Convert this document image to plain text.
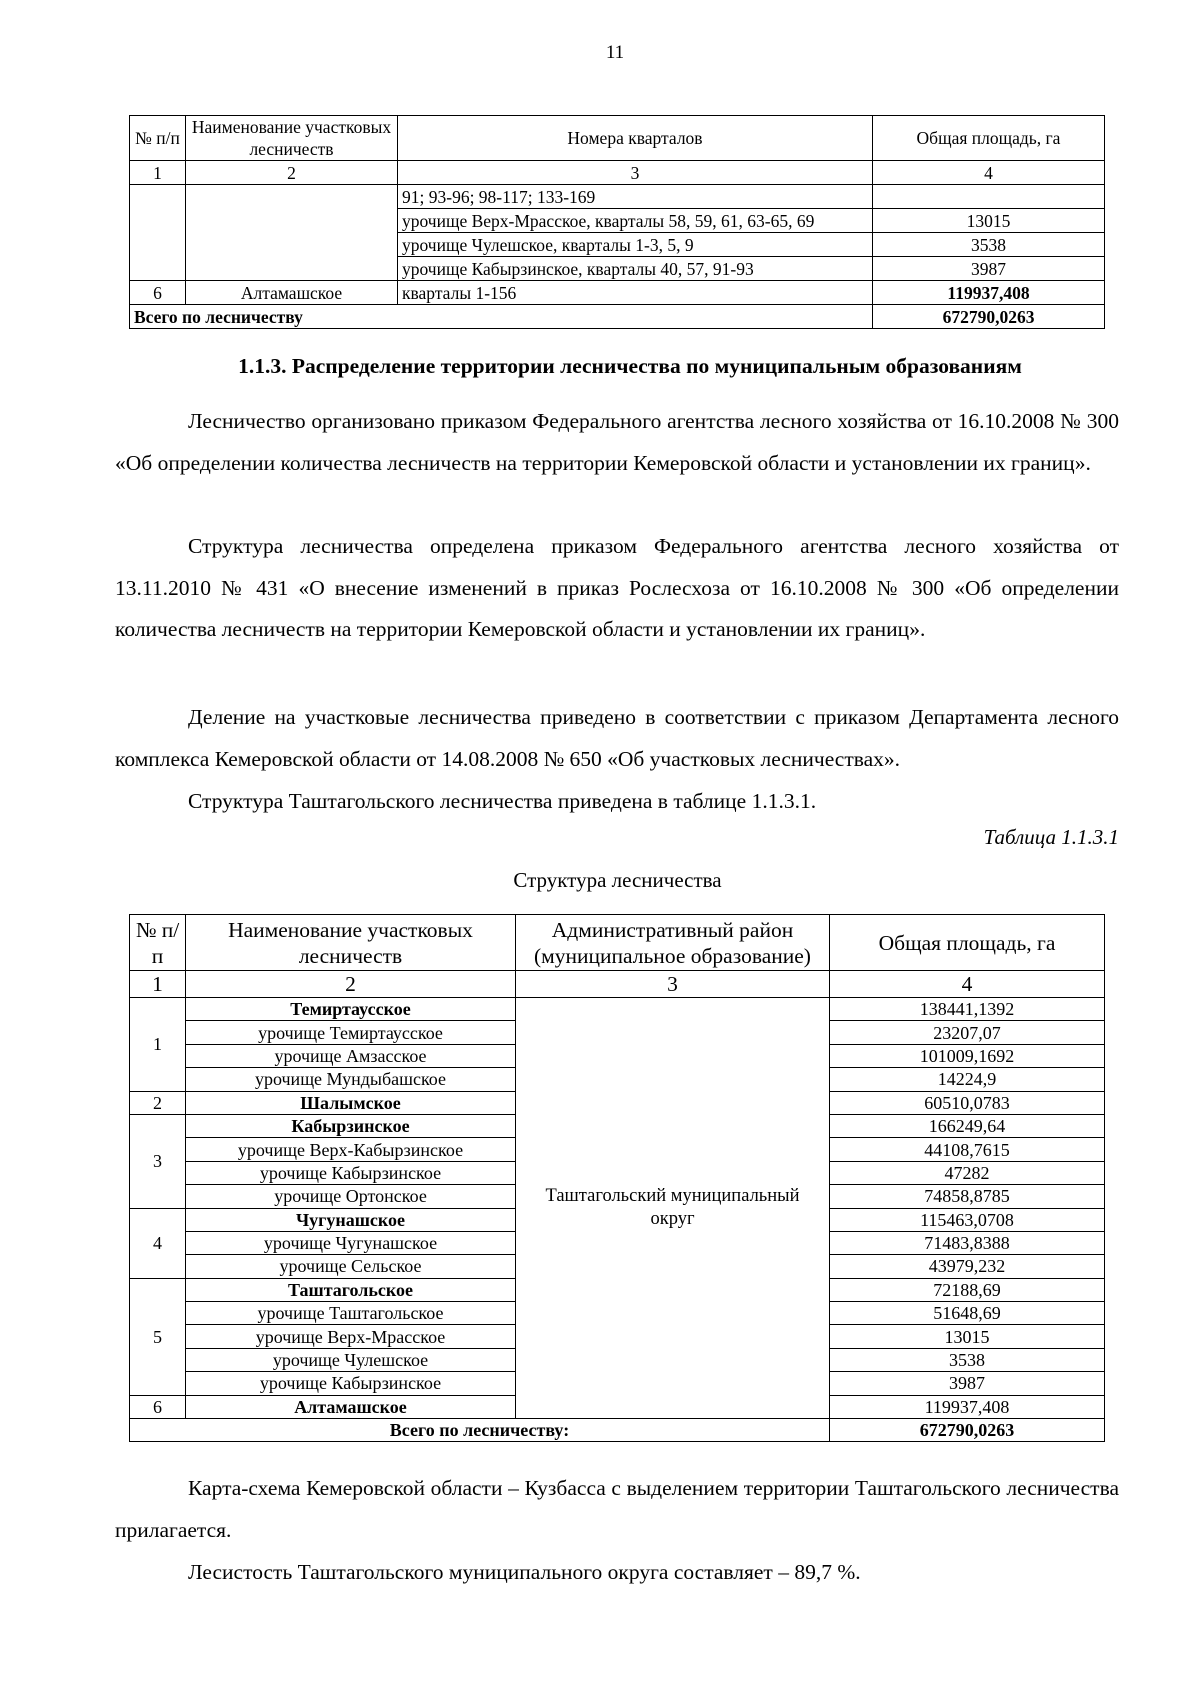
11
№ п/п	Наименование участковых лесничеств	Номера кварталов	Общая площадь, га
1	2	3	4
		91; 93-96; 98-117; 133-169	
		урочище Верх-Мрасское, кварталы 58, 59, 61, 63-65, 69	13015
		урочище Чулешское, кварталы 1-3, 5, 9	3538
		урочище Кабырзинское, кварталы 40, 57, 91-93	3987
6	Алтамашское	кварталы 1-156	119937,408
Всего по лесничеству			672790,0263
1.1.3. Распределение территории лесничества по муниципальным образованиям
Лесничество организовано приказом Федерального агентства лесного хозяйства от 16.10.2008 № 300 «Об определении количества лесничеств на территории Кемеровской области и установлении их границ».
Структура лесничества определена приказом Федерального агентства лесного хозяйства от 13.11.2010 № 431 «О внесение изменений в приказ Рослесхоза от 16.10.2008 № 300 «Об определении количества лесничеств на территории Кемеровской области и установлении их границ».
Деление на участковые лесничества приведено в соответствии с приказом Департамента лесного комплекса Кемеровской области от 14.08.2008 № 650 «Об участковых лесничествах».
Структура Таштагольского лесничества приведена в таблице 1.1.3.1.
Таблица 1.1.3.1
Структура лесничества
№ п/п	Наименование участковых лесничеств	Административный район (муниципальное образование)	Общая площадь, га
1	2	3	4
1	Темиртаусское	Таштагольский муниципальный округ	138441,1392
	урочище Темиртаусское		23207,07
	урочище Амзасское		101009,1692
	урочище Мундыбашское		14224,9
2	Шалымское		60510,0783
3	Кабырзинское		166249,64
	урочище Верх-Кабырзинское		44108,7615
	урочище Кабырзинское		47282
	урочище Ортонское		74858,8785
4	Чугунашское		115463,0708
	урочище Чугунашское		71483,8388
	урочище Сельское		43979,232
5	Таштагольское		72188,69
	урочище Таштагольское		51648,69
	урочище Верх-Мрасское		13015
	урочище Чулешское		3538
	урочище Кабырзинское		3987
6	Алтамашское		119937,408
Всего по лесничеству:			672790,0263
Карта-схема Кемеровской области – Кузбасса с выделением территории Таштагольского лесничества прилагается.
Лесистость Таштагольского муниципального округа составляет – 89,7 %.
